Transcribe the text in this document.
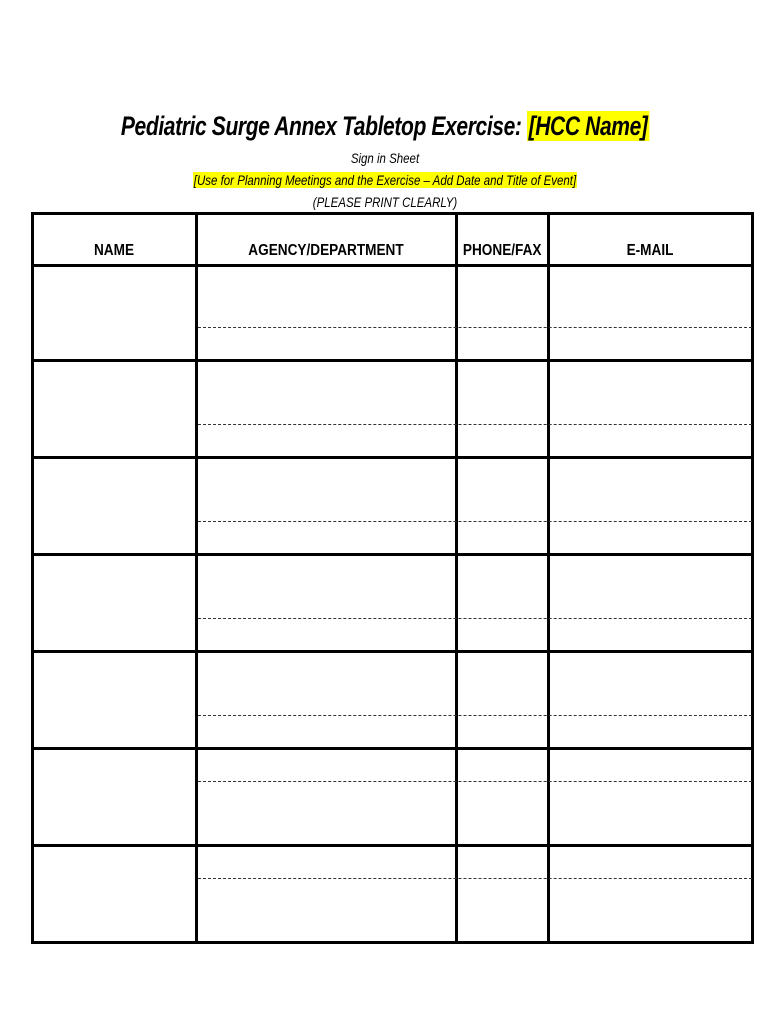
Pediatric Surge Annex Tabletop Exercise: [HCC Name]
Sign in Sheet
[Use for Planning Meetings and the Exercise – Add Date and Title of Event]
(PLEASE PRINT CLEARLY)
NAME	AGENCY/DEPARTMENT	PHONE/FAX	E-MAIL
